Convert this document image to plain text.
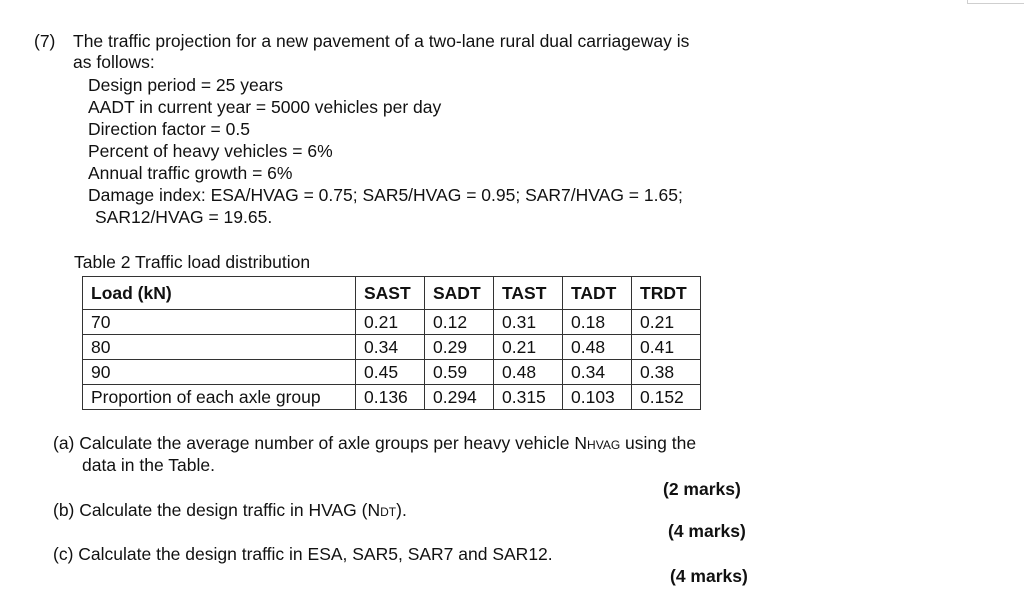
(7) The traffic projection for a new pavement of a two-lane rural dual carriageway is
as follows:
Design period = 25 years
AADT in current year = 5000 vehicles per day
Direction factor = 0.5
Percent of heavy vehicles = 6%
Annual traffic growth = 6%
Damage index: ESA/HVAG = 0.75; SAR5/HVAG = 0.95; SAR7/HVAG = 1.65;
SAR12/HVAG = 19.65.
Table 2 Traffic load distribution
Load (kN)	SAST	SADT	TAST	TADT	TRDT
70	0.21	0.12	0.31	0.18	0.21
80	0.34	0.29	0.21	0.48	0.41
90	0.45	0.59	0.48	0.34	0.38
Proportion of each axle group	0.136	0.294	0.315	0.103	0.152
(a) Calculate the average number of axle groups per heavy vehicle NHVAG using the
data in the Table.
(2 marks)
(b) Calculate the design traffic in HVAG (NDT).
(4 marks)
(c) Calculate the design traffic in ESA, SAR5, SAR7 and SAR12.
(4 marks)
